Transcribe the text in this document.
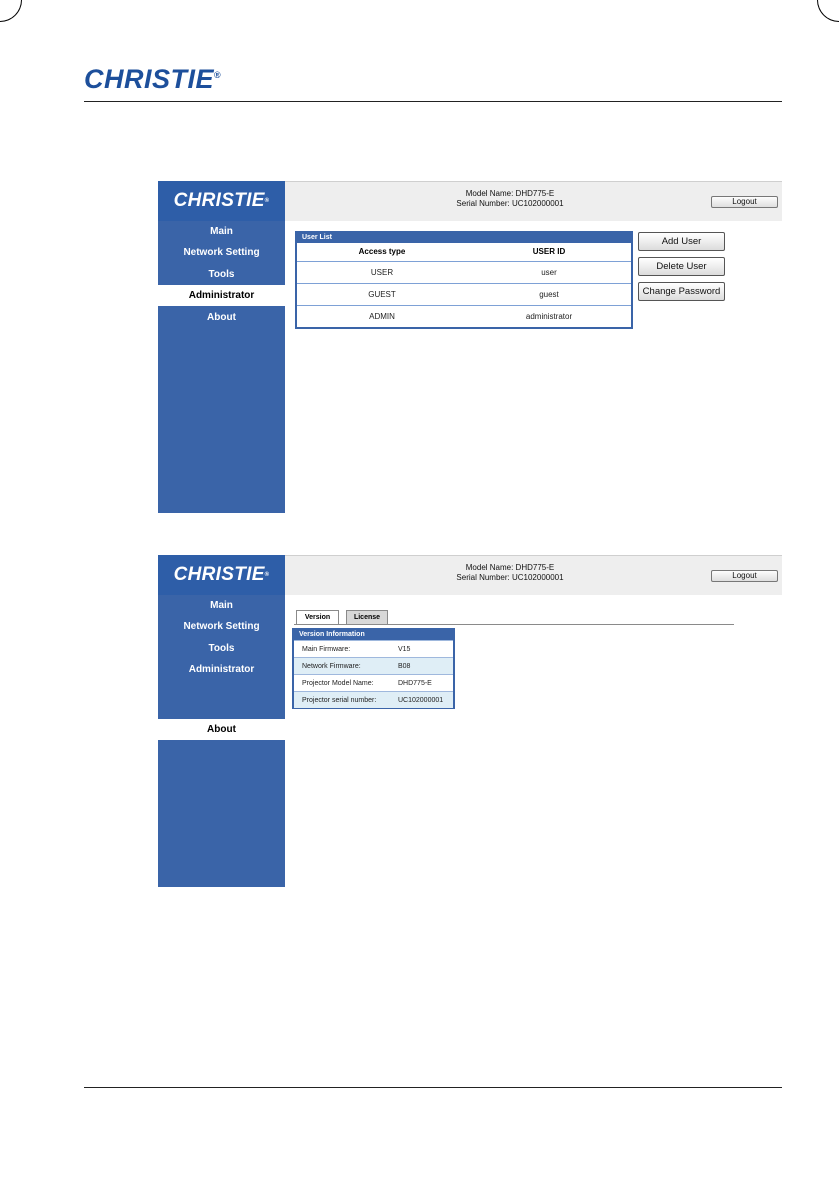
CHRISTIE®
CHRISTIE ®
Model Name: DHD775-E
Serial Number: UC102000001	Logout
Main
Network Setting
Tools
Administrator
About
User List
Access type	USER ID
USER	user
GUEST	guest
ADMIN	administrator
Add User
Delete User
Change Password
CHRISTIE ®
Model Name: DHD775-E
Serial Number: UC102000001	Logout
Main
Network Setting
Tools
Administrator
About
Version	License
Version Information
Main Firmware:	V15
Network Firmware:	B08
Projector Model Name:	DHD775-E
Projector serial number:	UC102000001
